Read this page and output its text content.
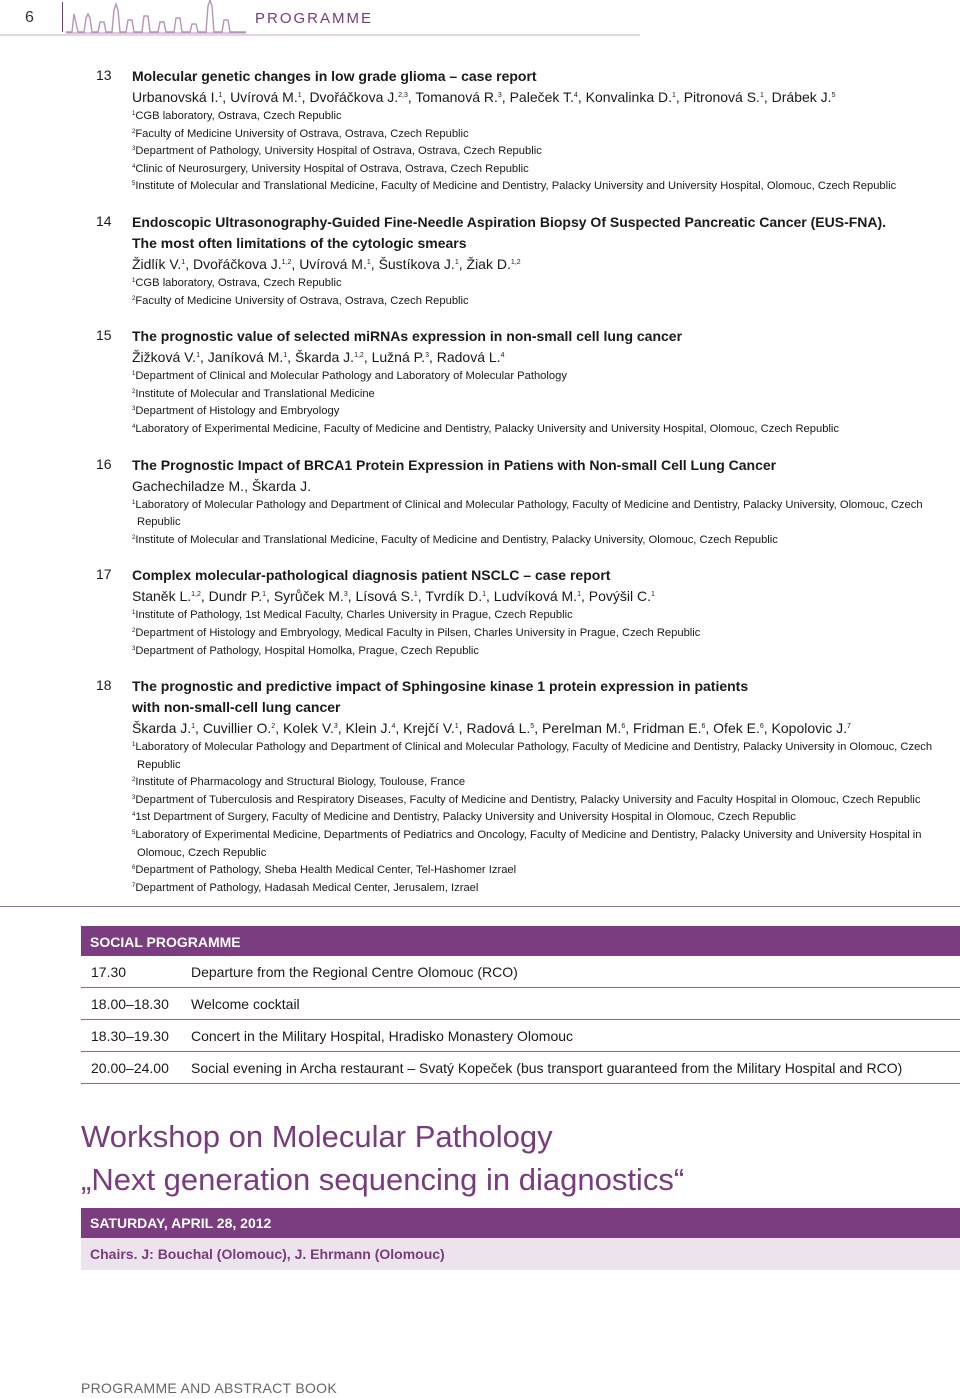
6	PROGRAMME
13 Molecular genetic changes in low grade glioma – case report
Urbanovská I.$^1$, Uvírová M.$^1$, Dvořáčkova J.$^{2,3}$, Tomanová R.$^3$, Paleček T.$^4$, Konvalinka D.$^1$, Pitronová S.$^1$, Drábek J.$^5$
$^1$CGB laboratory, Ostrava, Czech Republic
$^2$Faculty of Medicine University of Ostrava, Ostrava, Czech Republic
$^3$Department of Pathology, University Hospital of Ostrava, Ostrava, Czech Republic
$^4$Clinic of Neurosurgery, University Hospital of Ostrava, Ostrava, Czech Republic
$^5$Institute of Molecular and Translational Medicine, Faculty of Medicine and Dentistry, Palacky University and University Hospital, Olomouc, Czech Republic
14 Endoscopic Ultrasonography-Guided Fine-Needle Aspiration Biopsy Of Suspected Pancreatic Cancer (EUS-FNA).
The most often limitations of the cytologic smears
Židlík V.$^1$, Dvořáčkova J.$^{1,2}$, Uvírová M.$^1$, Šustíkova J.$^1$, Žiak D.$^{1,2}$
$^1$CGB laboratory, Ostrava, Czech Republic
$^2$Faculty of Medicine University of Ostrava, Ostrava, Czech Republic
15 The prognostic value of selected miRNAs expression in non-small cell lung cancer
Žižková V.$^1$, Janíková M.$^1$, Škarda J.$^{1,2}$, Lužná P.$^3$, Radová L.$^4$
$^1$Department of Clinical and Molecular Pathology and Laboratory of Molecular Pathology
$^2$Institute of Molecular and Translational Medicine
$^3$Department of Histology and Embryology
$^4$Laboratory of Experimental Medicine, Faculty of Medicine and Dentistry, Palacky University and University Hospital, Olomouc, Czech Republic
16 The Prognostic Impact of BRCA1 Protein Expression in Patiens with Non-small Cell Lung Cancer
Gachechiladze M., Škarda J.
$^1$Laboratory of Molecular Pathology and Department of Clinical and Molecular Pathology, Faculty of Medicine and Dentistry, Palacky University, Olomouc, Czech Republic
$^2$Institute of Molecular and Translational Medicine, Faculty of Medicine and Dentistry, Palacky University, Olomouc, Czech Republic
17 Complex molecular-pathological diagnosis patient NSCLC – case report
Staněk L.$^{1,2}$, Dundr P.$^1$, Syrůček M.$^3$, Lísová S.$^1$, Tvrdík D.$^1$, Ludvíková M.$^1$, Povýšil C.$^1$
$^1$Institute of Pathology, 1st Medical Faculty, Charles University in Prague, Czech Republic
$^2$Department of Histology and Embryology, Medical Faculty in Pilsen, Charles University in Prague, Czech Republic
$^3$Department of Pathology, Hospital Homolka, Prague, Czech Republic
18 The prognostic and predictive impact of Sphingosine kinase 1 protein expression in patients
with non-small-cell lung cancer
Škarda J.$^1$, Cuvillier O.$^2$, Kolek V.$^3$, Klein J.$^4$, Krejčí V.$^1$, Radová L.$^5$, Perelman M.$^6$, Fridman E.$^6$, Ofek E.$^6$, Kopolovic J.$^7$
$^1$Laboratory of Molecular Pathology and Department of Clinical and Molecular Pathology, Faculty of Medicine and Dentistry, Palacky University in Olomouc, Czech Republic
$^2$Institute of Pharmacology and Structural Biology, Toulouse, France
$^3$Department of Tuberculosis and Respiratory Diseases, Faculty of Medicine and Dentistry, Palacky University and Faculty Hospital in Olomouc, Czech Republic
$^4$1st Department of Surgery, Faculty of Medicine and Dentistry, Palacky University and University Hospital in Olomouc, Czech Republic
$^5$Laboratory of Experimental Medicine, Departments of Pediatrics and Oncology, Faculty of Medicine and Dentistry, Palacky University and University Hospital in Olomouc, Czech Republic
$^6$Department of Pathology, Sheba Health Medical Center, Tel-Hashomer Izrael
$^7$Department of Pathology, Hadasah Medical Center, Jerusalem, Izrael
SOCIAL PROGRAMME
17.30	Departure from the Regional Centre Olomouc (RCO)
18.00–18.30	Welcome cocktail
18.30–19.30	Concert in the Military Hospital, Hradisko Monastery Olomouc
20.00–24.00	Social evening in Archa restaurant – Svatý Kopeček (bus transport guaranteed from the Military Hospital and RCO)
Workshop on Molecular Pathology
„Next generation sequencing in diagnostics“
SATURDAY, APRIL 28, 2012
Chairs. J: Bouchal (Olomouc), J. Ehrmann (Olomouc)
PROGRAMME AND ABSTRACT BOOK
